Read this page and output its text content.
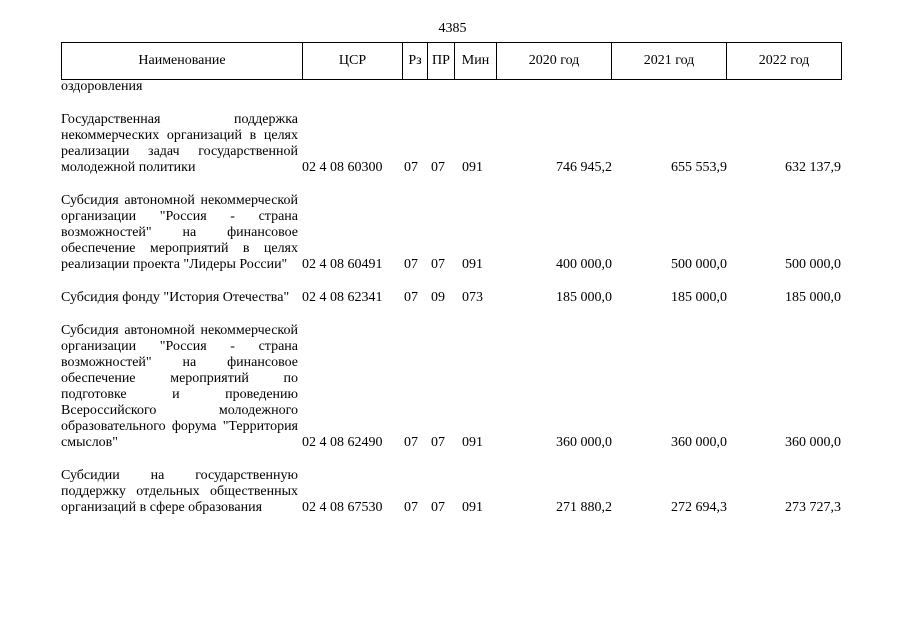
4385
Наименование	ЦСР	Рз	ПР	Мин	2020 год	2021 год	2022 год
оздоровления
Государственная поддержка некоммерческих организаций в целях реализации задач государственной молодежной политики	02 4 08 60300 07 07 091	746 945,2	655 553,9	632 137,9
Субсидия автономной некоммерческой организации "Россия - страна возможностей" на финансовое обеспечение мероприятий в целях реализации проекта "Лидеры России"	02 4 08 60491 07 07 091	400 000,0	500 000,0	500 000,0
Субсидия фонду "История Отечества" 02 4 08 62341 07 09 073	185 000,0	185 000,0	185 000,0
Субсидия автономной некоммерческой организации "Россия - страна возможностей" на финансовое обеспечение мероприятий по подготовке и проведению Всероссийского молодежного образовательного форума "Территория смыслов"	02 4 08 62490 07 07 091	360 000,0	360 000,0	360 000,0
Субсидии на государственную поддержку отдельных общественных организаций в сфере образования	02 4 08 67530 07 07 091	271 880,2	272 694,3	273 727,3
